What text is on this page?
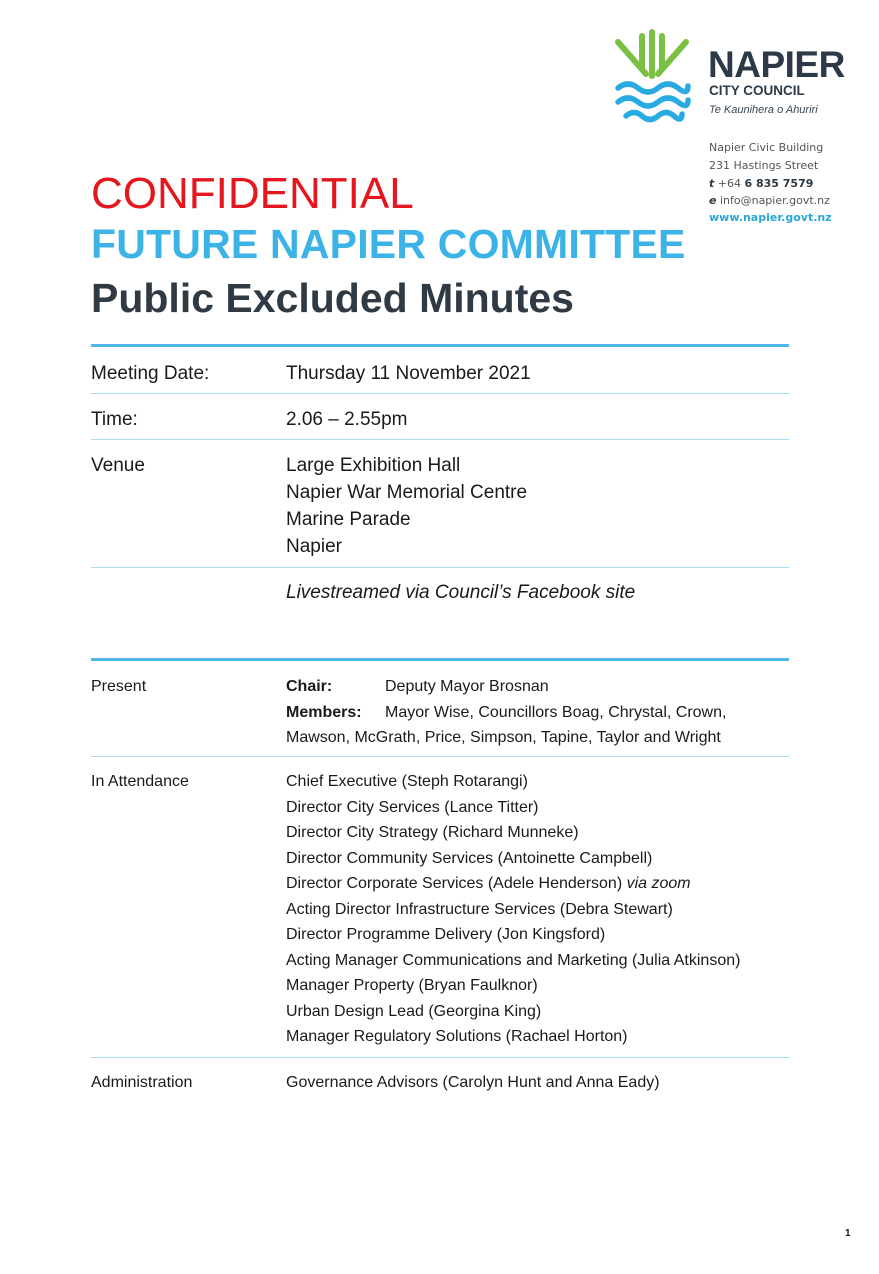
NAPIER
CITY COUNCIL
Te Kaunihera o Ahuriri
Napier Civic Building
231 Hastings Street
t +64 6 835 7579
e info@napier.govt.nz
www.napier.govt.nz
CONFIDENTIAL
FUTURE NAPIER COMMITTEE
Public Excluded Minutes
Meeting Date:	Thursday 11 November 2021
Time:	2.06 – 2.55pm
Venue	Large Exhibition Hall
Napier War Memorial Centre
Marine Parade
Napier
Livestreamed via Council’s Facebook site
Present	Chair:	Deputy Mayor Brosnan
Members: Mayor Wise, Councillors Boag, Chrystal, Crown,
Mawson, McGrath, Price, Simpson, Tapine, Taylor and Wright
In Attendance	Chief Executive (Steph Rotarangi)
Director City Services (Lance Titter)
Director City Strategy (Richard Munneke)
Director Community Services (Antoinette Campbell)
Director Corporate Services (Adele Henderson) via zoom
Acting Director Infrastructure Services (Debra Stewart)
Director Programme Delivery (Jon Kingsford)
Acting Manager Communications and Marketing (Julia Atkinson)
Manager Property (Bryan Faulknor)
Urban Design Lead (Georgina King)
Manager Regulatory Solutions (Rachael Horton)
Administration	Governance Advisors (Carolyn Hunt and Anna Eady)
1
